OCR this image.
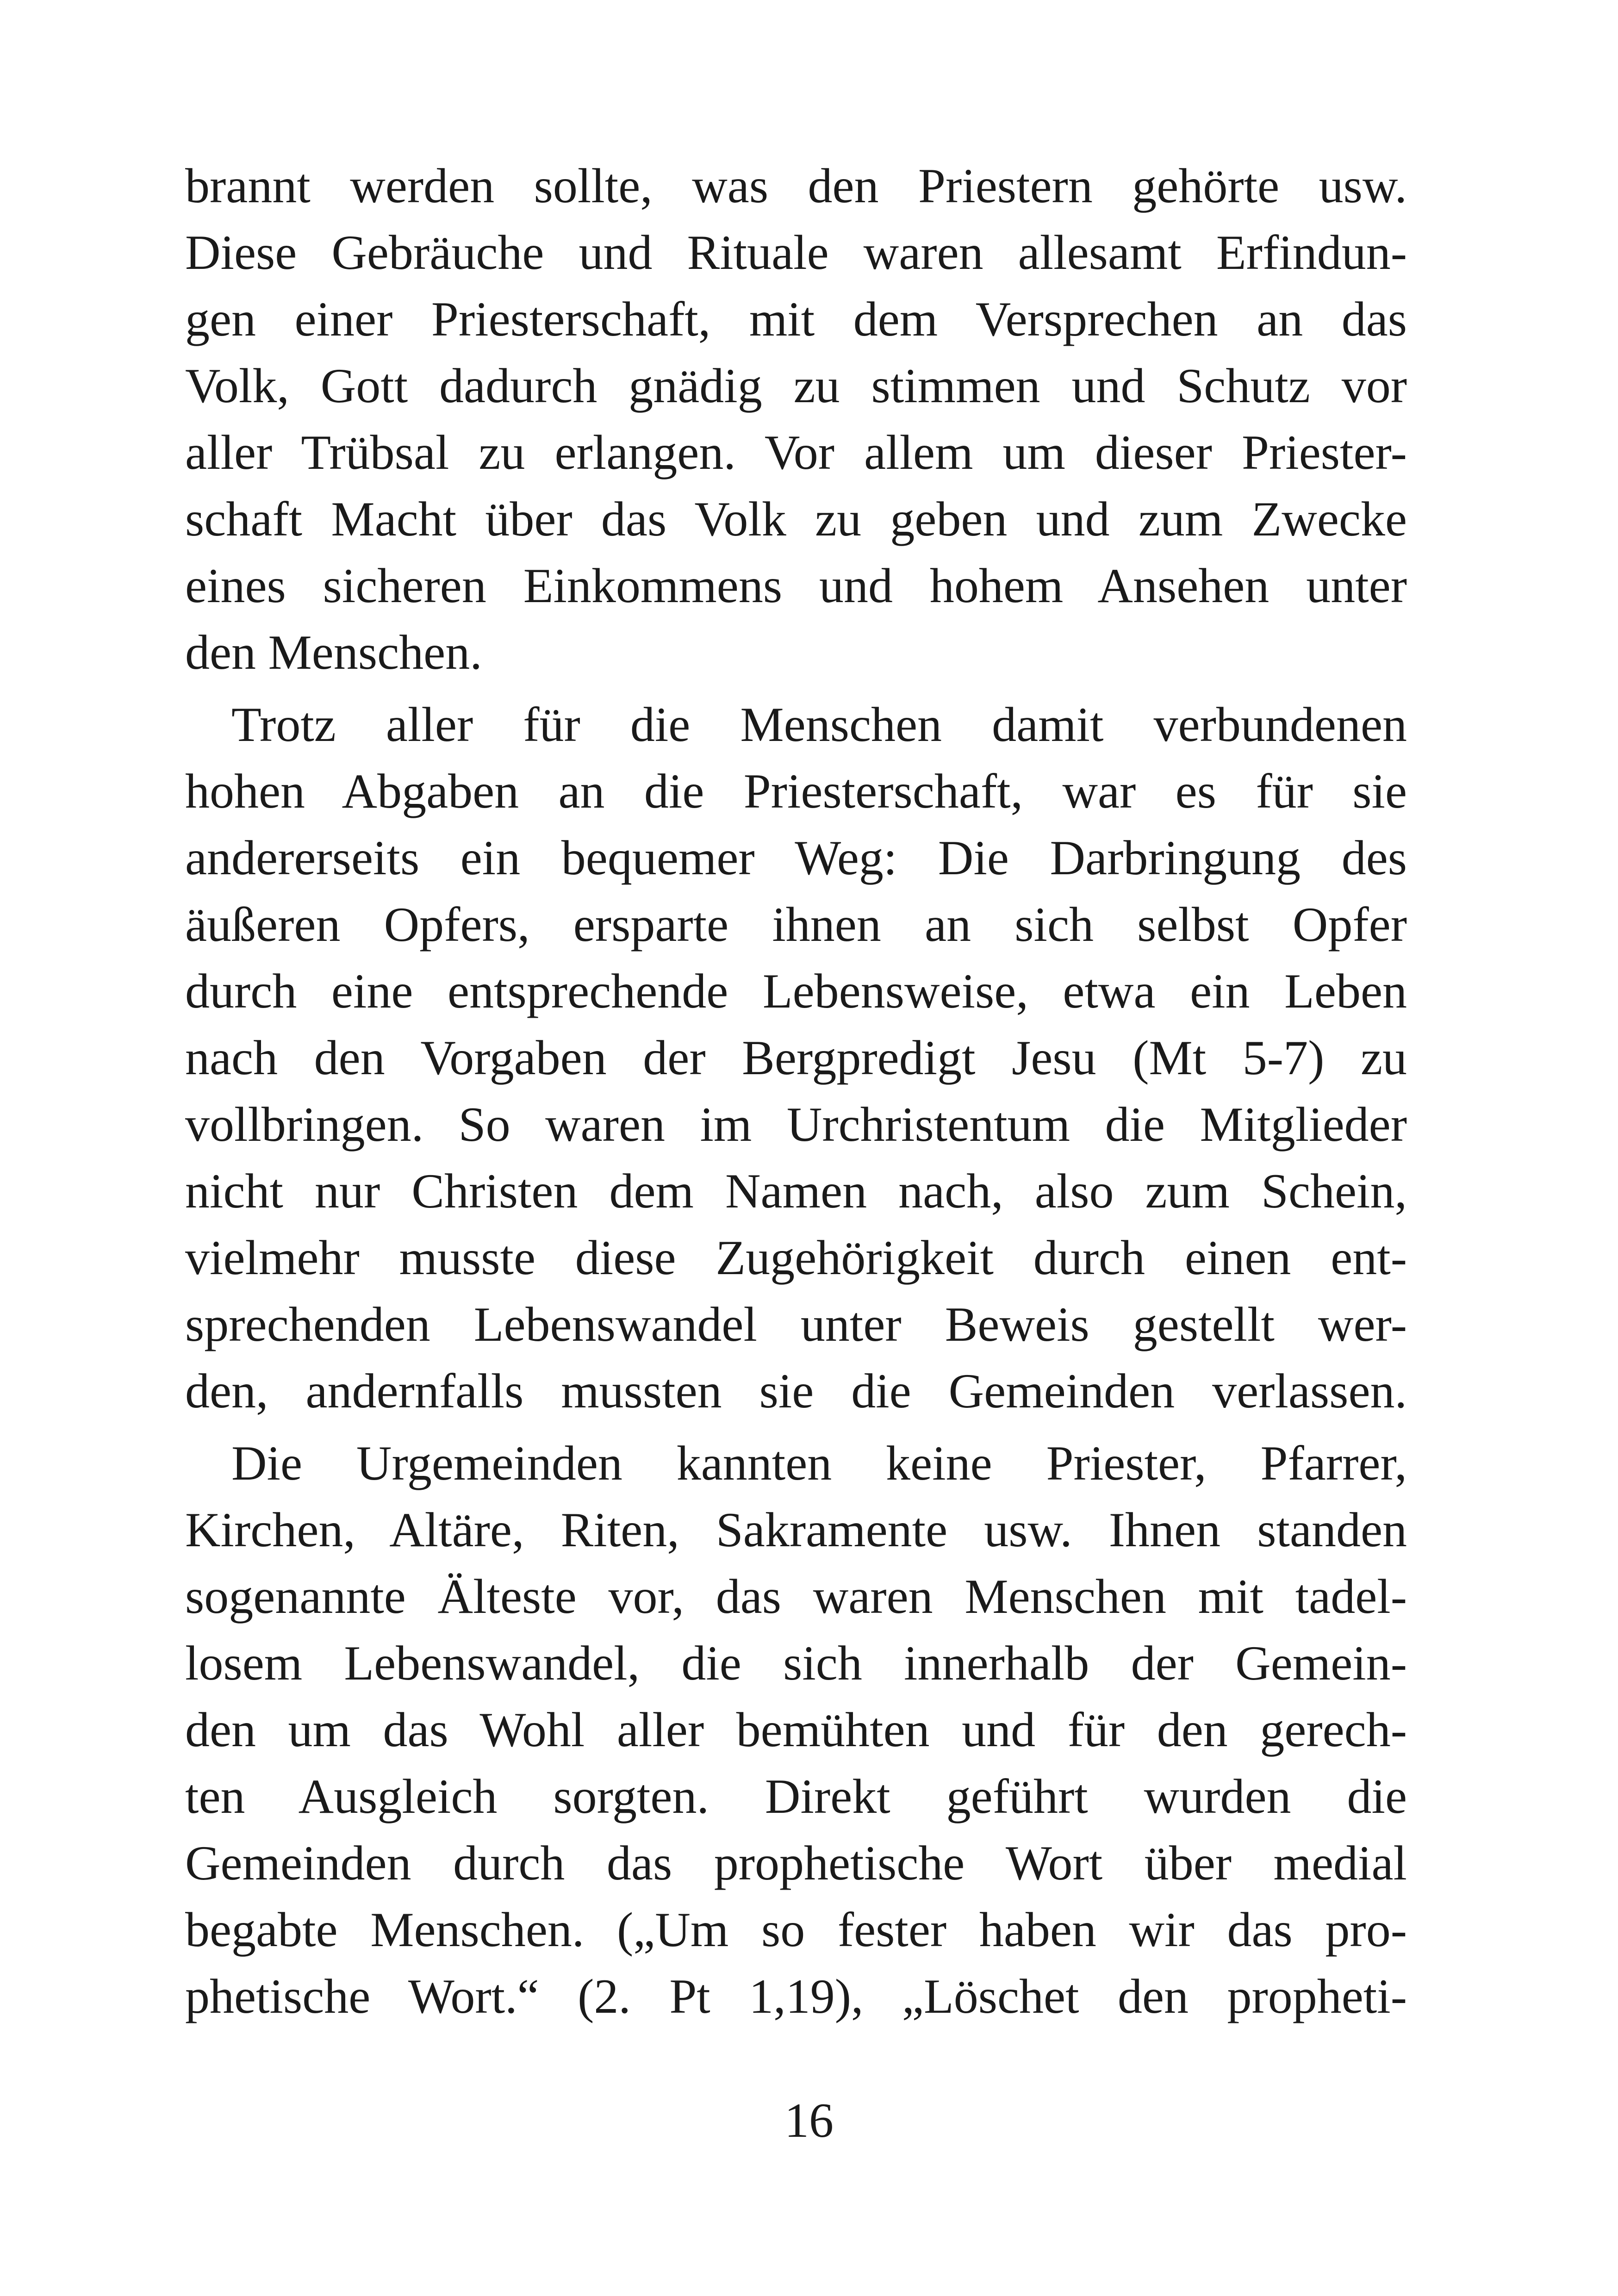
brannt werden sollte, was den Priestern gehörte usw.
Diese Gebräuche und Rituale waren allesamt Erfindun-
gen einer Priesterschaft, mit dem Versprechen an das
Volk, Gott dadurch gnädig zu stimmen und Schutz vor
aller Trübsal zu erlangen. Vor allem um dieser Priester-
schaft Macht über das Volk zu geben und zum Zwecke
eines sicheren Einkommens und hohem Ansehen unter
den Menschen.
Trotz aller für die Menschen damit verbundenen
hohen Abgaben an die Priesterschaft, war es für sie
andererseits ein bequemer Weg: Die Darbringung des
äußeren Opfers, ersparte ihnen an sich selbst Opfer
durch eine entsprechende Lebensweise, etwa ein Leben
nach den Vorgaben der Bergpredigt Jesu (Mt 5-7) zu
vollbringen. So waren im Urchristentum die Mitglieder
nicht nur Christen dem Namen nach, also zum Schein,
vielmehr musste diese Zugehörigkeit durch einen ent-
sprechenden Lebenswandel unter Beweis gestellt wer-
den, andernfalls mussten sie die Gemeinden verlassen.
Die Urgemeinden kannten keine Priester, Pfarrer,
Kirchen, Altäre, Riten, Sakramente usw. Ihnen standen
sogenannte Älteste vor, das waren Menschen mit tadel-
losem Lebenswandel, die sich innerhalb der Gemein-
den um das Wohl aller bemühten und für den gerech-
ten Ausgleich sorgten. Direkt geführt wurden die
Gemeinden durch das prophetische Wort über medial
begabte Menschen. („Um so fester haben wir das pro-
phetische Wort.“ (2. Pt 1,19), „Löschet den propheti-
16
